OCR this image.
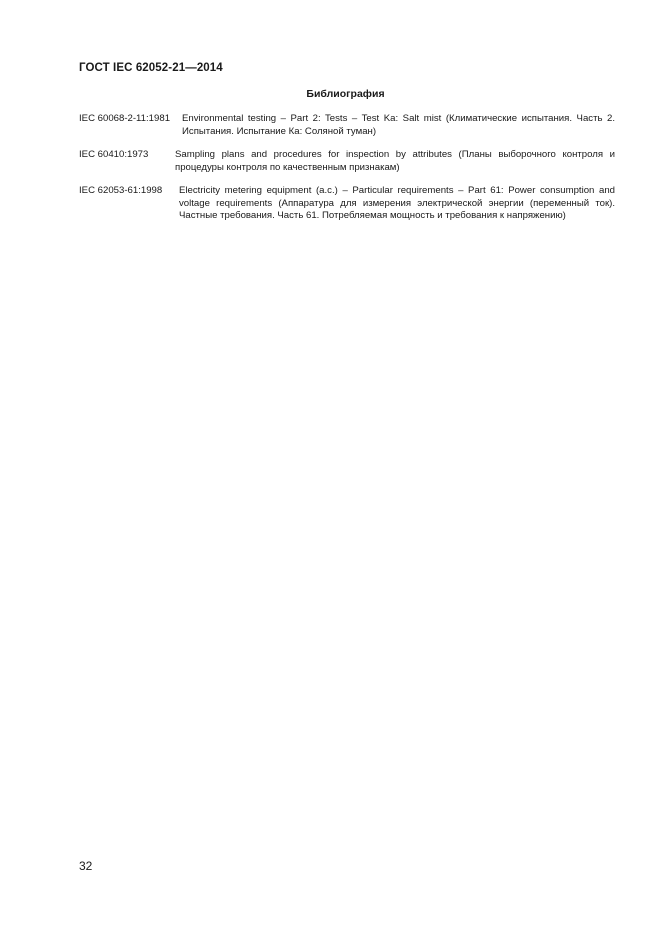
ГОСТ IEC 62052-21—2014
Библиография
IEC 60068-2-11:1981	Environmental testing – Part 2: Tests – Test Ka: Salt mist (Климатические испытания. Часть 2. Испытания. Испытание Ка: Соляной туман)
IEC 60410:1973	Sampling plans and procedures for inspection by attributes (Планы выборочного контроля и процедуры контроля по качественным признакам)
IEC 62053-61:1998	Electricity metering equipment (a.c.) – Particular requirements – Part 61: Power consumption and voltage requirements (Аппаратура для измерения электрической энергии (переменный ток). Частные требования. Часть 61. Потребляемая мощность и требования к напряжению)
32
